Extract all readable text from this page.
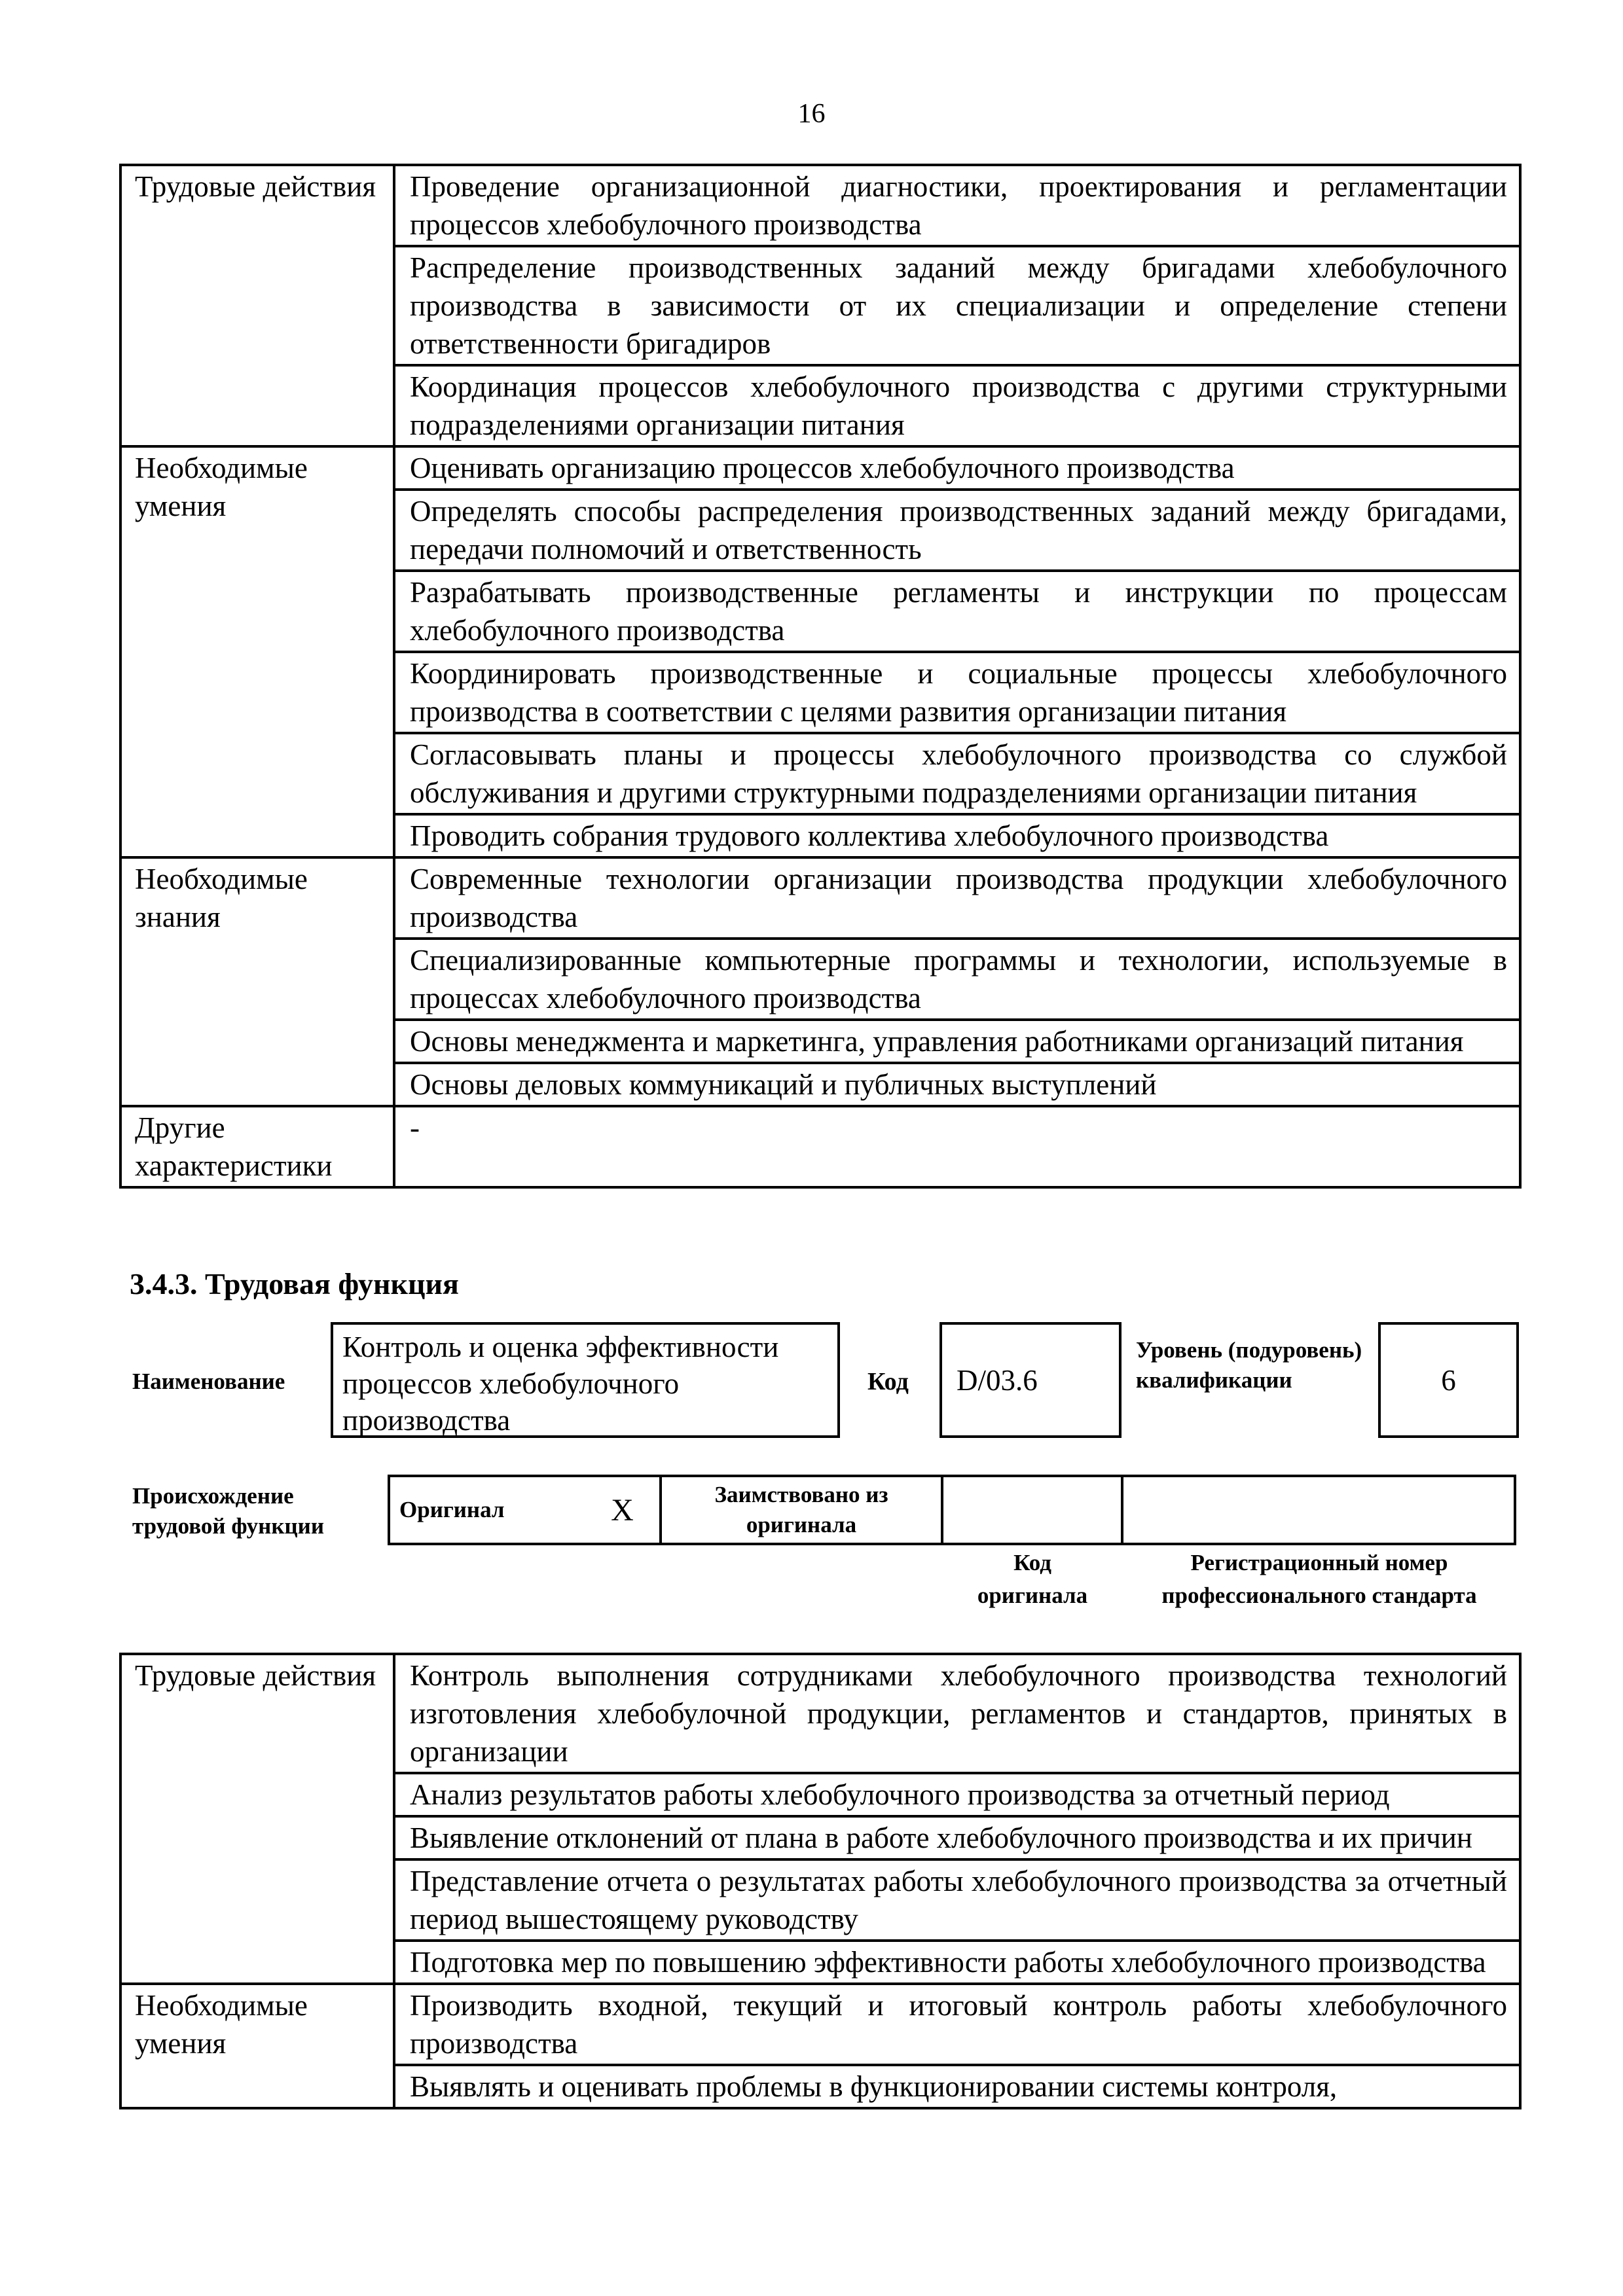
16
Трудовые действия	Проведение организационной диагностики, проектирования и регламентации процессов хлебобулочного производства
	Распределение производственных заданий между бригадами хлебобулочного производства в зависимости от их специализации и определение степени ответственности бригадиров
	Координация процессов хлебобулочного производства с другими структурными подразделениями организации питания
Необходимые умения	Оценивать организацию процессов хлебобулочного производства
	Определять способы распределения производственных заданий между бригадами, передачи полномочий и ответственность
	Разрабатывать производственные регламенты и инструкции по процессам хлебобулочного производства
	Координировать производственные и социальные процессы хлебобулочного производства в соответствии с целями развития организации питания
	Согласовывать планы и процессы хлебобулочного производства со службой обслуживания и другими структурными подразделениями организации питания
	Проводить собрания трудового коллектива хлебобулочного производства
Необходимые знания	Современные технологии организации производства продукции хлебобулочного производства
	Специализированные компьютерные программы и технологии, используемые в процессах хлебобулочного производства
	Основы менеджмента и маркетинга, управления работниками организаций питания
	Основы деловых коммуникаций и публичных выступлений
Другие характеристики	-
3.4.3. Трудовая функция
Наименование
Контроль и оценка эффективности процессов хлебобулочного производства
Код D/03.6
Уровень (подуровень) квалификации	6
Происхождение трудовой функции
Оригинал	X	Заимствовано из оригинала		
Код оригинала
Регистрационный номер профессионального стандарта
Трудовые действия	Контроль выполнения сотрудниками хлебобулочного производства технологий изготовления хлебобулочной продукции, регламентов и стандартов, принятых в организации
	Анализ результатов работы хлебобулочного производства за отчетный период
	Выявление отклонений от плана в работе хлебобулочного производства и их причин
	Представление отчета о результатах работы хлебобулочного производства за отчетный период вышестоящему руководству
	Подготовка мер по повышению эффективности работы хлебобулочного производства
Необходимые умения	Производить входной, текущий и итоговый контроль работы хлебобулочного производства
	Выявлять и оценивать проблемы в функционировании системы контроля,
